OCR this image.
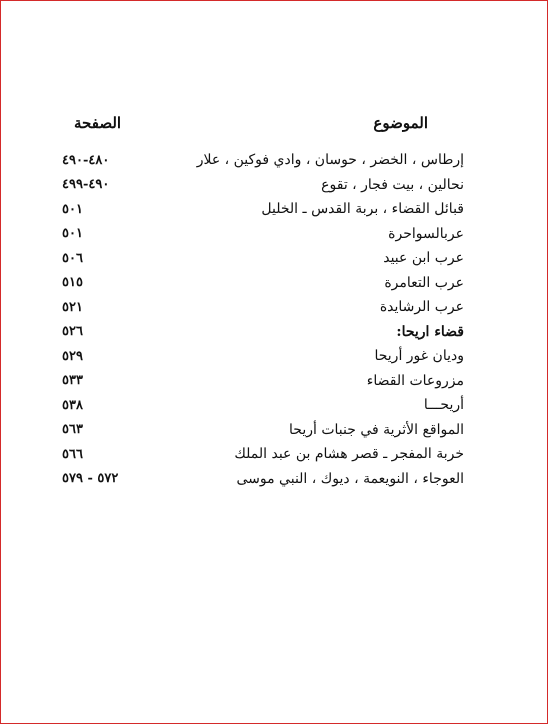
الموضوع
الصفحة
إرطاس ، الخضر ، حوسان ، وادي فوكين ، علار
٤٨٠-٤٩٠
نحالين ، بيت فجار ، تقوع
٤٩٠-٤٩٩
قبائل القضاء ، بربة القدس ـ الخليل
٥٠١
عربالسواحرة
٥٠١
عرب ابن عبيد
٥٠٦
عرب التعامرة
٥١٥
عرب الرشايدة
٥٢١
قضاء اريحا:
٥٢٦
وديان غور أريحا
٥٢٩
مزروعات القضاء
٥٣٣
أريحـــا
٥٣٨
المواقع الأثرية في جنبات أريحا
٥٦٣
خربة المفجر ـ قصر هشام بن عبد الملك
٥٦٦
العوجاء ، النويعمة ، ديوك ، النبي موسى
٥٧٢ - ٥٧٩
